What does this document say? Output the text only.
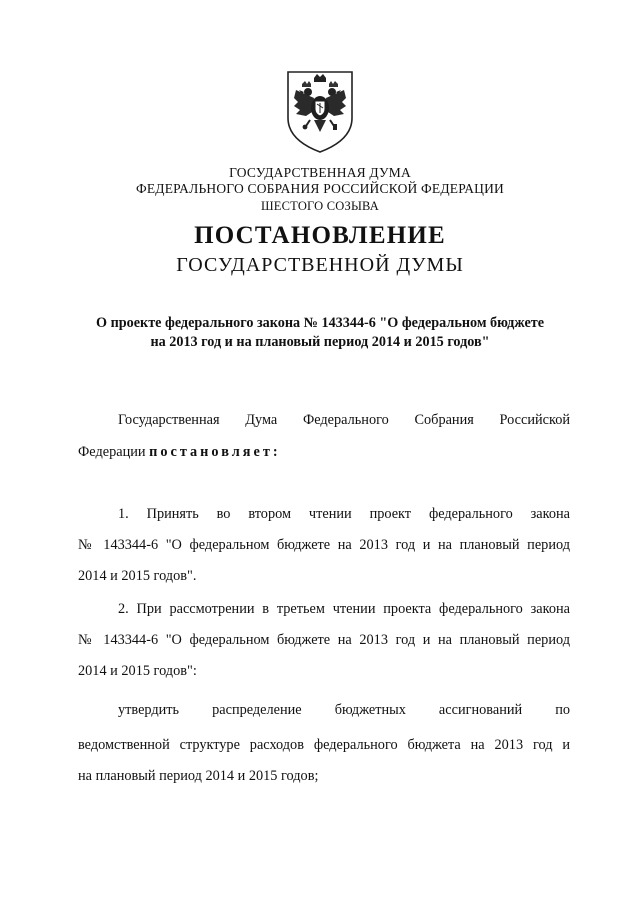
ГОСУДАРСТВЕННАЯ ДУМА
ФЕДЕРАЛЬНОГО СОБРАНИЯ РОССИЙСКОЙ ФЕДЕРАЦИИ
ШЕСТОГО СОЗЫВА
ПОСТАНОВЛЕНИЕ
ГОСУДАРСТВЕННОЙ ДУМЫ
О проекте федерального закона № 143344-6 "О федеральном бюджете
на 2013 год и на плановый период 2014 и 2015 годов"
Государственная Дума Федерального Собрания Российской
Федерации постановляет:
1. Принять во втором чтении проект федерального закона
№ 143344-6 "О федеральном бюджете на 2013 год и на плановый период
2014 и 2015 годов".
2. При рассмотрении в третьем чтении проекта федерального закона
№ 143344-6 "О федеральном бюджете на 2013 год и на плановый период
2014 и 2015 годов":
утвердить распределение бюджетных ассигнований по
ведомственной структуре расходов федерального бюджета на 2013 год и
на плановый период 2014 и 2015 годов;
